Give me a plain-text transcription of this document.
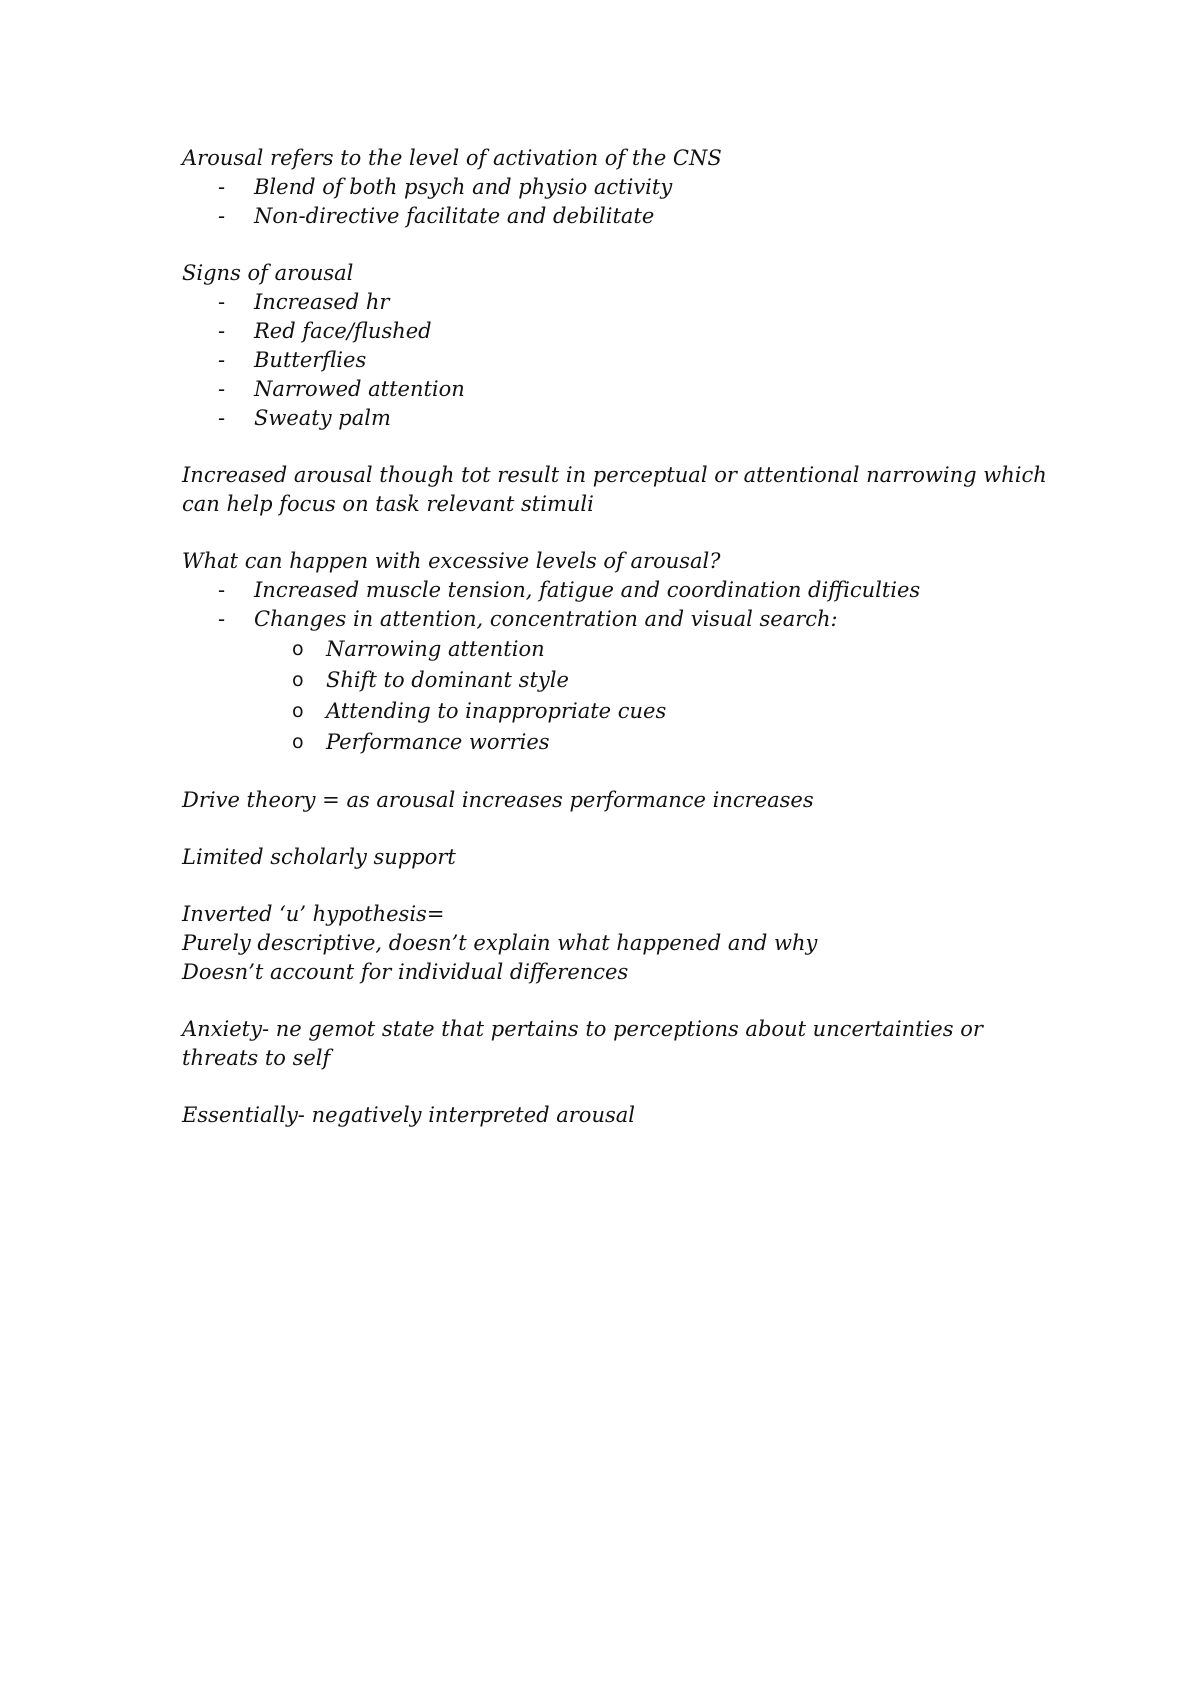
Arousal refers to the level of activation of the CNS

- Blend of both psych and physio activity
- Non-directive facilitate and debilitate

Signs of arousal

- Increased hr
- Red face/flushed
- Butterflies
- Narrowed attention
- Sweaty palm

Increased arousal though tot result in perceptual or attentional narrowing which can help focus on task relevant stimuli

What can happen with excessive levels of arousal?

- Increased muscle tension, fatigue and coordination difficulties
- Changes in attention, concentration and visual search:
o Narrowing attention
o Shift to dominant style
o Attending to inappropriate cues
o Performance worries

Drive theory = as arousal increases performance increases

Limited scholarly support

Inverted ‘u’ hypothesis=

Purely descriptive, doesn’t explain what happened and why

Doesn’t account for individual differences

Anxiety- ne gemot state that pertains to perceptions about uncertainties or threats to self

Essentially- negatively interpreted arousal
